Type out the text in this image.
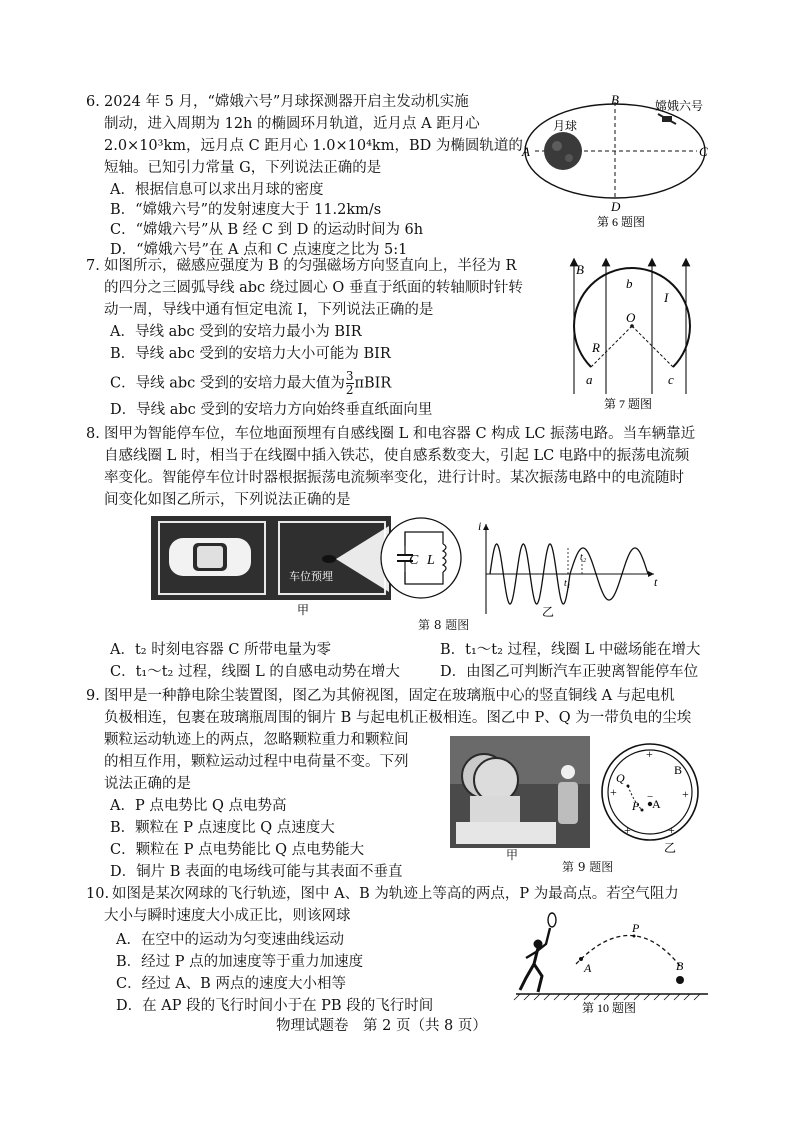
6. 2024 年 5 月，“嫦娥六号”月球探测器开启主发动机实施
制动，进入周期为 12h 的椭圆环月轨道，近月点 A 距月心
2.0×10³km，远月点 C 距月心 1.0×10⁴km，BD 为椭圆轨道的
短轴。已知引力常量 G，下列说法正确的是
A．根据信息可以求出月球的密度
B．“嫦娥六号”的发射速度大于 11.2km/s
C．“嫦娥六号”从 B 经 C 到 D 的运动时间为 6h
D．“嫦娥六号”在 A 点和 C 点速度之比为 5:1
月球
嫦娥六号
A	C
B
D
第 6 题图
7. 如图所示，磁感应强度为 B 的匀强磁场方向竖直向上，半径为 R
的四分之三圆弧导线 abc 绕过圆心 O 垂直于纸面的转轴顺时针转
动一周，导线中通有恒定电流 I，下列说法正确的是
A．导线 abc 受到的安培力最小为 BIR
B．导线 abc 受到的安培力大小可能为 BIR
C．导线 abc 受到的安培力最大值为 $\frac{3}{2}$ πBIR
D．导线 abc 受到的安培力方向始终垂直纸面向里
B
b
I
O
R
a	c
第 7 题图
8. 图甲为智能停车位，车位地面预埋有自感线圈 L 和电容器 C 构成 LC 振荡电路。当车辆靠近
自感线圈 L 时，相当于在线圈中插入铁芯，使自感系数变大，引起 LC 电路中的振荡电流频
率变化。智能停车位计时器根据振荡电流频率变化，进行计时。某次振荡电路中的电流随时
间变化如图乙所示，下列说法正确的是
车位预埋
C L
甲
i
t
t₁
t₂
乙
第 8 题图
A．t₂ 时刻电容器 C 所带电量为零	B．t₁～t₂ 过程，线圈 L 中磁场能在增大
C．t₁～t₂ 过程，线圈 L 的自感电动势在增大	D．由图乙可判断汽车正驶离智能停车位
9. 图甲是一种静电除尘装置图，图乙为其俯视图，固定在玻璃瓶中心的竖直铜线 A 与起电机
负极相连，包裹在玻璃瓶周围的铜片 B 与起电机正极相连。图乙中 P、Q 为一带负电的尘埃
颗粒运动轨迹上的两点，忽略颗粒重力和颗粒间
的相互作用，颗粒运动过程中电荷量不变。下列
说法正确的是
A．P 点电势比 Q 点电势高
B．颗粒在 P 点速度比 Q 点速度大
C．颗粒在 P 点电势能比 Q 点电势能大
D．铜片 B 表面的电场线可能与其表面不垂直
甲
Q
P A
−
B
+
+	+
+	+
乙
第 9 题图
10. 如图是某次网球的飞行轨迹，图中 A、B 为轨迹上等高的两点，P 为最高点。若空气阻力
大小与瞬时速度大小成正比，则该网球
A．在空中的运动为匀变速曲线运动
B．经过 P 点的加速度等于重力加速度
C．经过 A、B 两点的速度大小相等
D．在 AP 段的飞行时间小于在 PB 段的飞行时间
A
P
B
第 10 题图
物理试题卷　第 2 页（共 8 页）
